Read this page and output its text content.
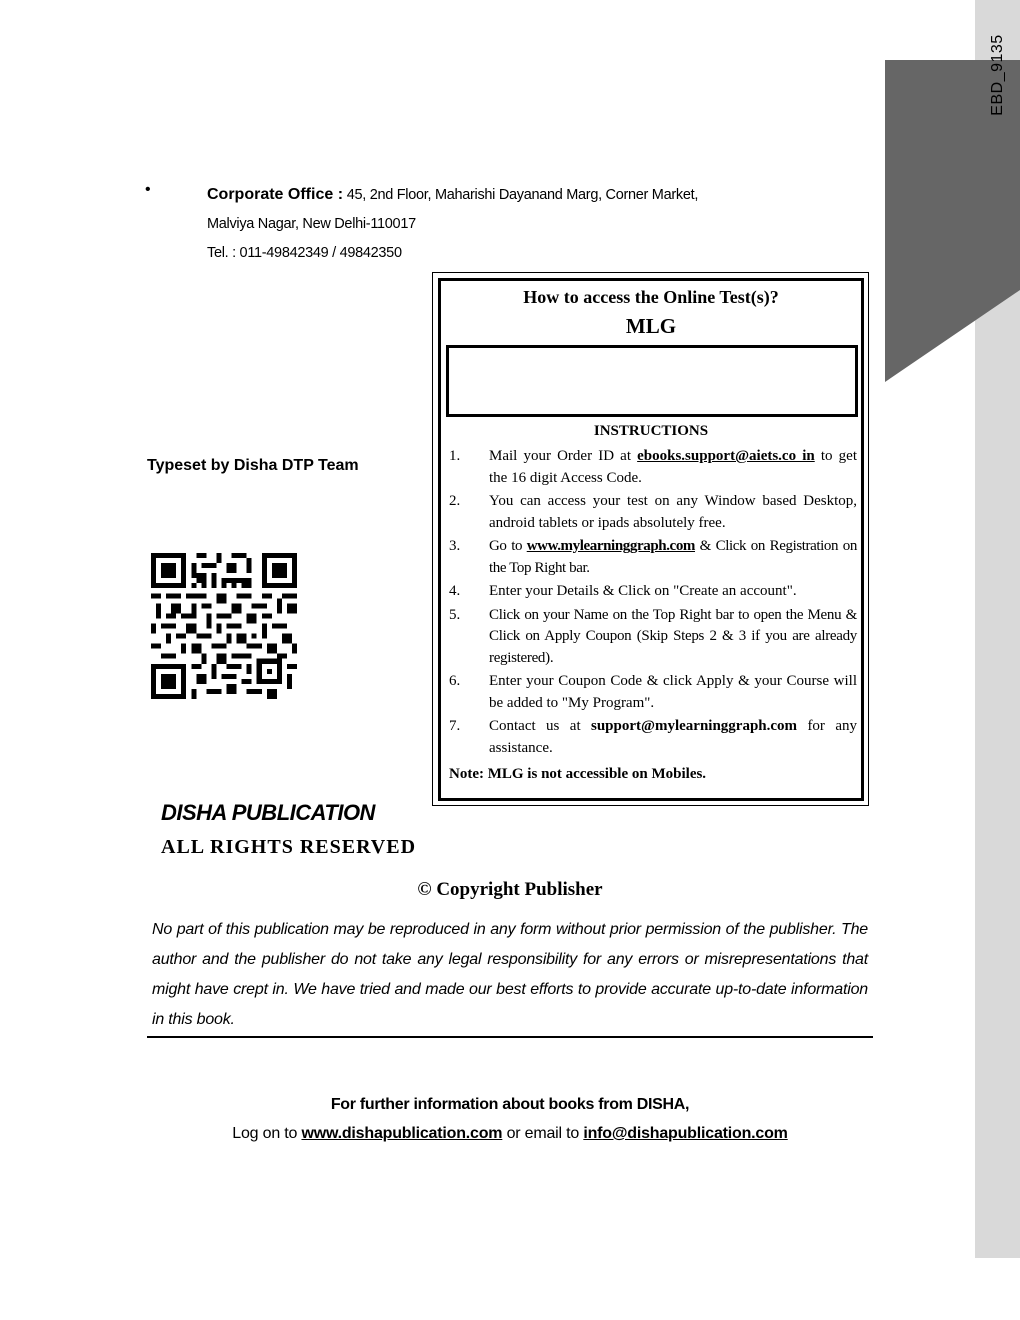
EBD_9135
•	Corporate Office : 45, 2nd Floor, Maharishi Dayanand Marg, Corner Market,
Malviya Nagar, New Delhi-110017
Tel. : 011-49842349 / 49842350
Typeset by Disha DTP Team
DISHA PUBLICATION
ALL RIGHTS RESERVED
How to access the Online Test(s)?
MLG
INSTRUCTIONS
1.	Mail your Order ID at ebooks.support@aiets.co in to get the 16 digit Access Code.
2.	You can access your test on any Window based Desktop, android tablets or ipads absolutely free.
3.	Go to www.mylearninggraph.com & Click on Registration on the Top Right bar.
4.	Enter your Details & Click on "Create an account".
5.	Click on your Name on the Top Right bar to open the Menu & Click on Apply Coupon (Skip Steps 2 & 3 if you are already registered).
6.	Enter your Coupon Code & click Apply & your Course will be added to "My Program".
7.	Contact us at support@mylearninggraph.com for any assistance.
Note: MLG is not accessible on Mobiles.
© Copyright Publisher
No part of this publication may be reproduced in any form without prior permission of the publisher. The author and the publisher do not take any legal responsibility for any errors or misrepresentations that might have crept in. We have tried and made our best efforts to provide accurate up-to-date information in this book.
For further information about books from DISHA,
Log on to www.dishapublication.com or email to info@dishapublication.com
